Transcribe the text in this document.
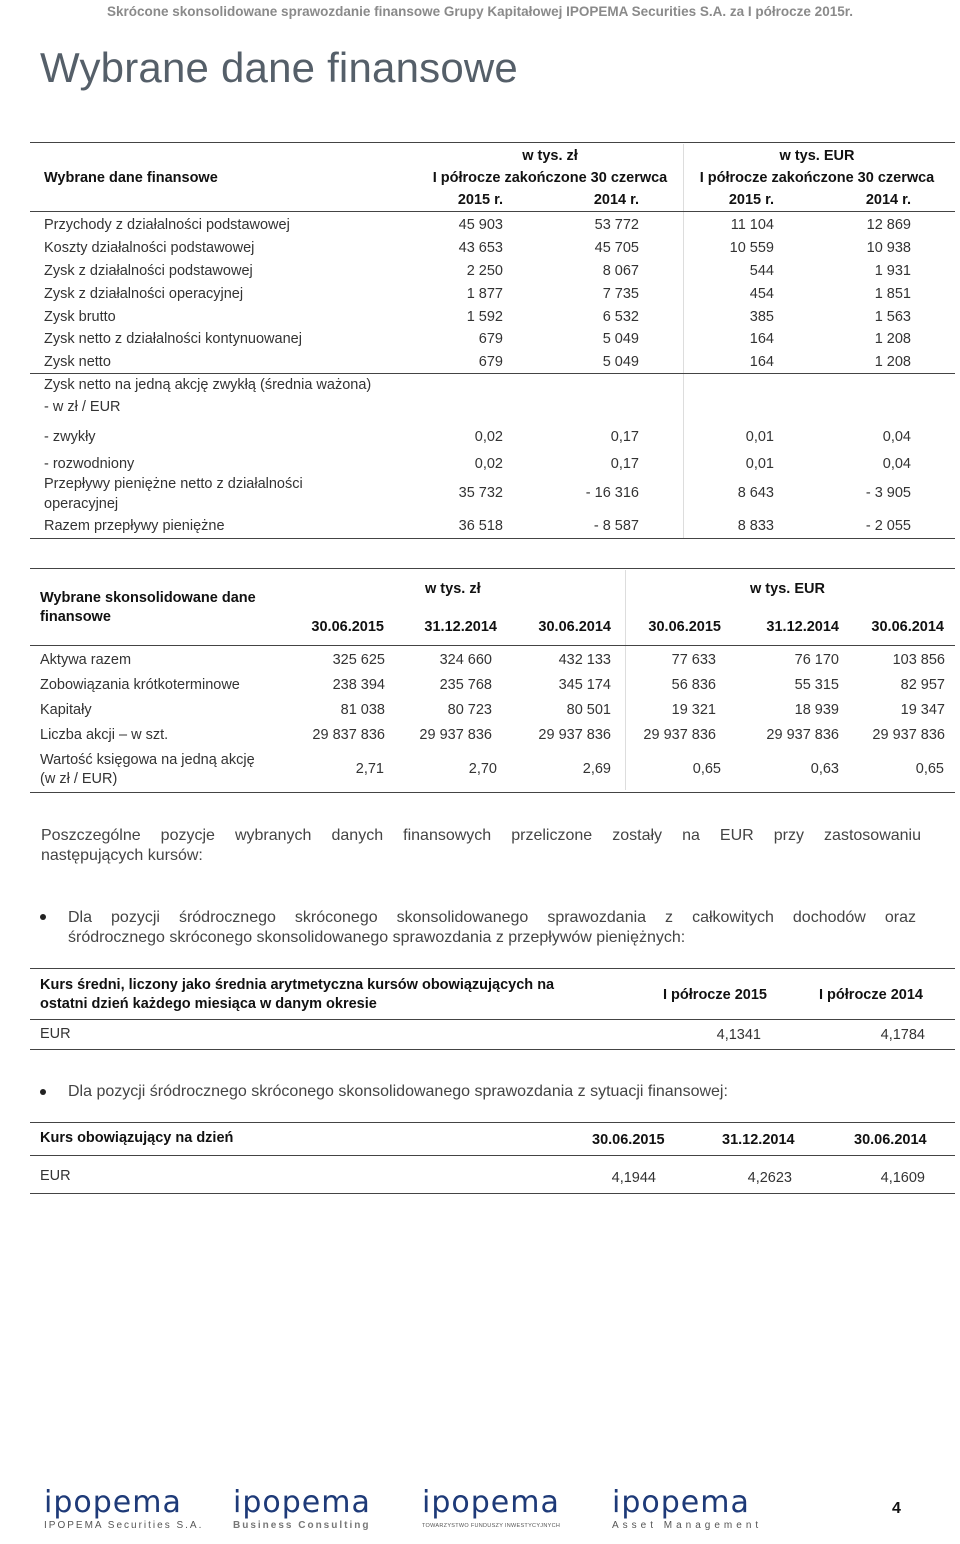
Skrócone skonsolidowane sprawozdanie finansowe Grupy Kapitałowej IPOPEMA Securities S.A. za I półrocze 2015r.
Wybrane dane finansowe
Wybrane dane finansowe
w tys. zł	w tys. EUR
I półrocze zakończone 30 czerwca	I półrocze zakończone 30 czerwca
2015 r.	2014 r.	2015 r.	2014 r.
Przychody z działalności podstawowej	45 903	53 772	11 104	12 869
Koszty działalności podstawowej	43 653	45 705	10 559	10 938
Zysk z działalności podstawowej	2 250	8 067	544	1 931
Zysk z działalności operacyjnej	1 877	7 735	454	1 851
Zysk brutto	1 592	6 532	385	1 563
Zysk netto z działalności kontynuowanej	679	5 049	164	1 208
Zysk netto	679	5 049	164	1 208
Zysk netto na jedną akcję zwykłą (średnia ważona)
- w zł / EUR
- zwykły	0,02	0,17	0,01	0,04
- rozwodniony	0,02	0,17	0,01	0,04
Przepływy pieniężne netto z działalności
operacyjnej
35 732	- 16 316	8 643	- 3 905
Razem przepływy pieniężne	36 518	- 8 587	8 833	- 2 055
Wybrane skonsolidowane dane
finansowe
w tys. zł	w tys. EUR
30.06.2015	31.12.2014	30.06.2014	30.06.2015	31.12.2014	30.06.2014
Aktywa razem	325 625	324 660	432 133	77 633	76 170	103 856
Zobowiązania krótkoterminowe	238 394	235 768	345 174	56 836	55 315	82 957
Kapitały	81 038	80 723	80 501	19 321	18 939	19 347
Liczba akcji – w szt.	29 837 836	29 937 836	29 937 836	29 937 836	29 937 836	29 937 836
Wartość księgowa na jedną akcję
(w zł / EUR)
2,71	2,70	2,69	0,65	0,63	0,65
Poszczególne pozycje wybranych danych finansowych przeliczone zostały na EUR przy zastosowaniu
następujących kursów:
Dla pozycji śródrocznego skróconego skonsolidowanego sprawozdania z całkowitych dochodów oraz
śródrocznego skróconego skonsolidowanego sprawozdania z przepływów pieniężnych:
Kurs średni, liczony jako średnia arytmetyczna kursów obowiązujących na
ostatni dzień każdego miesiąca w danym okresie
I półrocze 2015	I półrocze 2014
EUR	4,1341	4,1784
Dla pozycji śródrocznego skróconego skonsolidowanego sprawozdania z sytuacji finansowej:
Kurs obowiązujący na dzień	30.06.2015	31.12.2014	30.06.2014
EUR	4,1944	4,2623	4,1609
ipopema
IPOPEMA Securities S.A.
ipopema
Business Consulting
ipopema
TOWARZYSTWO FUNDUSZY INWESTYCYJNYCH
ipopema
Asset Management
4
